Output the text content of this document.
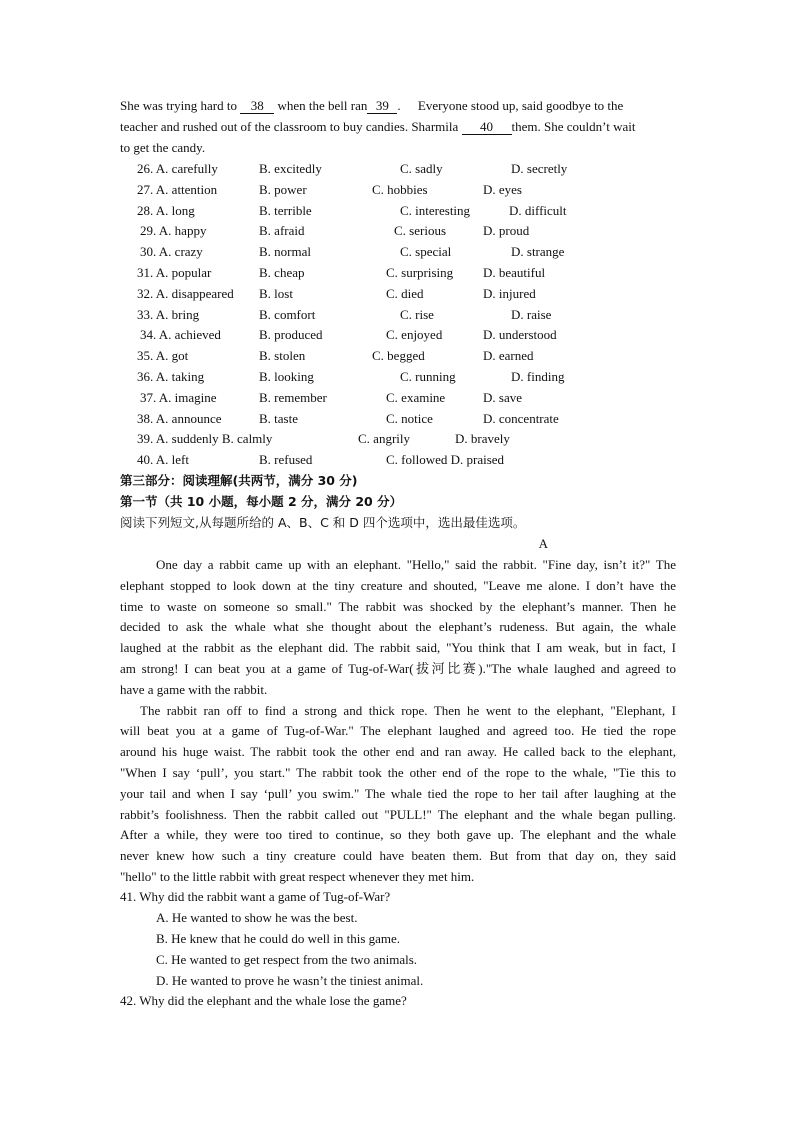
She was trying hard to 38 when the bell ran 39 . Everyone stood up, said goodbye to the
teacher and rushed out of the classroom to buy candies. Sharmila 40 them. She couldn’t wait
to get the candy.
26. A. carefully	B. excitedly	C. sadly	D. secretly
27. A. attention	B. power	C. hobbies	D. eyes
28. A. long	B. terrible	C. interesting	D. difficult
29. A. happy	B. afraid	C. serious	D. proud
30. A. crazy	B. normal	C. special	D. strange
31. A. popular	B. cheap	C. surprising D. beautiful
32. A. disappeared B. lost	C. died	D. injured
33. A. bring	B. comfort	C. rise	D. raise
34. A. achieved	B. produced	C. enjoyed	D. understood
35. A. got	B. stolen	C. begged	D. earned
36. A. taking	B. looking	C. running	D. finding
37. A. imagine	B. remember	C. examine	D. save
38. A. announce	B. taste	C. notice	D. concentrate
39. A. suddenly B. calmly	C. angrily	D. bravely
40. A. left	B. refused	C. followed D. praised
第三部分：阅读理解(共两节，满分 30 分)
第一节（共 10 小题，每小题 2 分，满分 20 分）
阅读下列短文,从每题所给的 A、B、C 和 D 四个选项中，选出最佳选项。
A
One day a rabbit came up with an elephant. "Hello," said the rabbit. "Fine day, isn’t it?" The
elephant stopped to look down at the tiny creature and shouted, "Leave me alone. I don’t have the
time to waste on someone so small." The rabbit was shocked by the elephant’s manner. Then he
decided to ask the whale what she thought about the elephant’s rudeness. But again, the whale
laughed at the rabbit as the elephant did. The rabbit said, "You think that I am weak, but in fact, I
am strong! I can beat you at a game of Tug-of-War(拔河比赛)."The whale laughed and agreed to
have a game with the rabbit.
The rabbit ran off to find a strong and thick rope. Then he went to the elephant, "Elephant, I
will beat you at a game of Tug-of-War." The elephant laughed and agreed too. He tied the rope
around his huge waist. The rabbit took the other end and ran away. He called back to the elephant,
"When I say ‘pull’, you start." The rabbit took the other end of the rope to the whale, "Tie this to
your tail and when I say ‘pull’ you swim." The whale tied the rope to her tail after laughing at the
rabbit’s foolishness. Then the rabbit called out "PULL!" The elephant and the whale began pulling.
After a while, they were too tired to continue, so they both gave up. The elephant and the whale
never knew how such a tiny creature could have beaten them. But from that day on, they said
"hello" to the little rabbit with great respect whenever they met him.
41. Why did the rabbit want a game of Tug-of-War?
A. He wanted to show he was the best.
B. He knew that he could do well in this game.
C. He wanted to get respect from the two animals.
D. He wanted to prove he wasn’t the tiniest animal.
42. Why did the elephant and the whale lose the game?
